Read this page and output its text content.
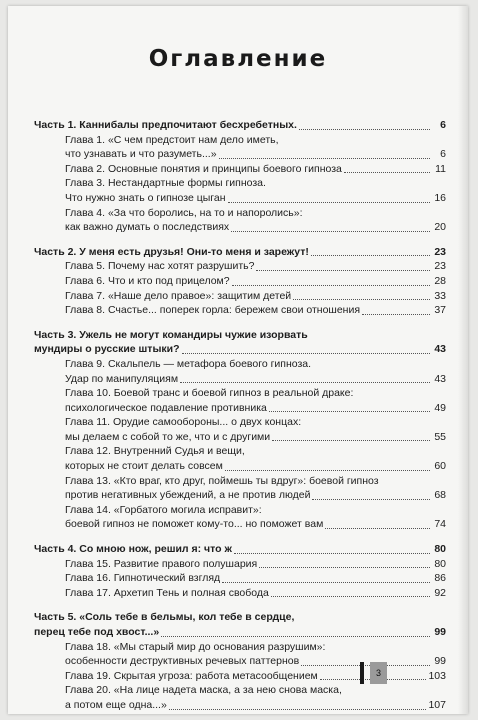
Оглавление
Часть 1. Каннибалы предпочитают бесхребетных.	6
Глава 1. «С чем предстоит нам дело иметь,
что узнавать и что разуметь...»	6
Глава 2. Основные понятия и принципы боевого гипноза	11
Глава 3. Нестандартные формы гипноза.
Что нужно знать о гипнозе цыган	16
Глава 4. «За что боролись, на то и напоролись»:
как важно думать о последствиях	20
Часть 2. У меня есть друзья! Они-то меня и зарежут!	23
Глава 5. Почему нас хотят разрушить?	23
Глава 6. Что и кто под прицелом?	28
Глава 7. «Наше дело правое»: защитим детей	33
Глава 8. Счастье... поперек горла: бережем свои отношения	37
Часть 3. Ужель не могут командиры чужие изорвать
мундиры о русские штыки?	43
Глава 9. Скальпель — метафора боевого гипноза.
Удар по манипуляциям	43
Глава 10. Боевой транс и боевой гипноз в реальной драке:
психологическое подавление противника	49
Глава 11. Орудие самообороны... о двух концах:
мы делаем с собой то же, что и с другими	55
Глава 12. Внутренний Судья и вещи,
которых не стоит делать совсем	60
Глава 13. «Кто враг, кто друг, поймешь ты вдруг»: боевой гипноз
против негативных убеждений, а не против людей	68
Глава 14. «Горбатого могила исправит»:
боевой гипноз не поможет кому-то... но поможет вам	74
Часть 4. Со мною нож, решил я: что ж	80
Глава 15. Развитие правого полушария	80
Глава 16. Гипнотический взгляд	86
Глава 17. Архетип Тень и полная свобода	92
Часть 5. «Соль тебе в бельмы, кол тебе в сердце,
перец тебе под хвост...»	99
Глава 18. «Мы старый мир до основания разрушим»:
особенности деструктивных речевых паттернов	99
Глава 19. Скрытая угроза: работа метасообщением	103
Глава 20. «На лице надета маска, а за нею снова маска,
а потом еще одна...»	107
3
